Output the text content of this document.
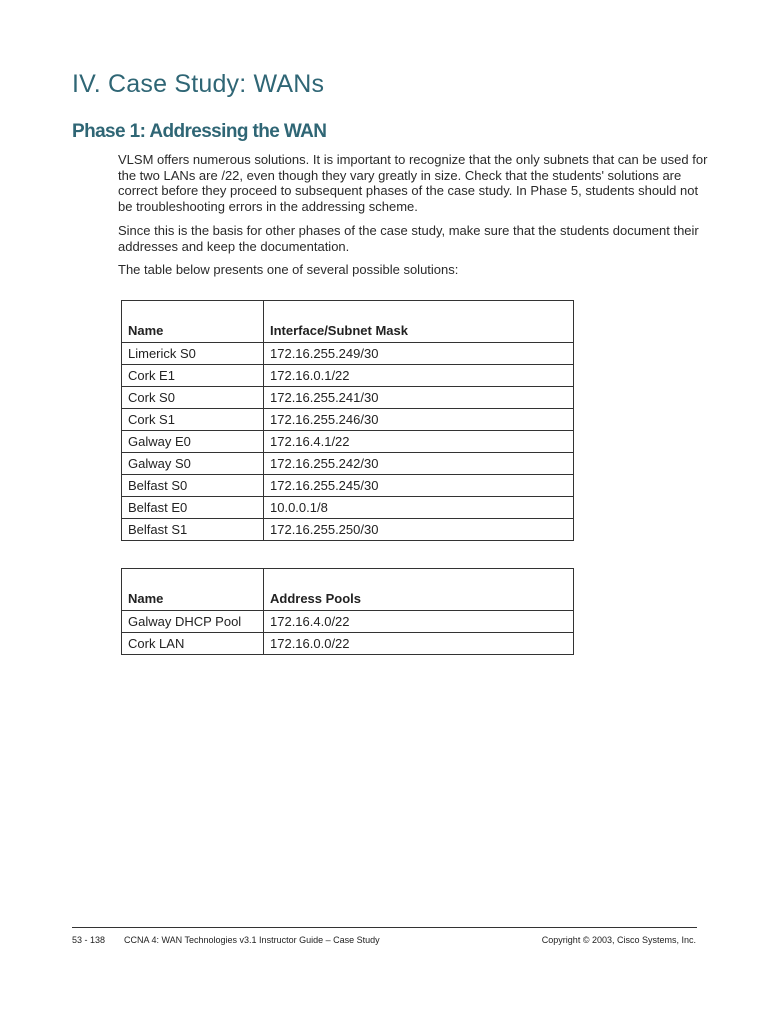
IV. Case Study: WANs
Phase 1: Addressing the WAN

VLSM offers numerous solutions. It is important to recognize that the only subnets that can be used for the two LANs are /22, even though they vary greatly in size. Check that the students' solutions are correct before they proceed to subsequent phases of the case study. In Phase 5, students should not be troubleshooting errors in the addressing scheme.

Since this is the basis for other phases of the case study, make sure that the students document their addresses and keep the documentation.

The table below presents one of several possible solutions:

Name	Interface/Subnet Mask
Limerick S0	172.16.255.249/30
Cork E1	172.16.0.1/22
Cork S0	172.16.255.241/30
Cork S1	172.16.255.246/30
Galway E0	172.16.4.1/22
Galway S0	172.16.255.242/30
Belfast S0	172.16.255.245/30
Belfast E0	10.0.0.1/8
Belfast S1	172.16.255.250/30
Name	Address Pools
Galway DHCP Pool	172.16.4.0/22
Cork LAN	172.16.0.0/22
53 - 138 CCNA 4: WAN Technologies v3.1 Instructor Guide – Case Study	Copyright © 2003, Cisco Systems, Inc.
